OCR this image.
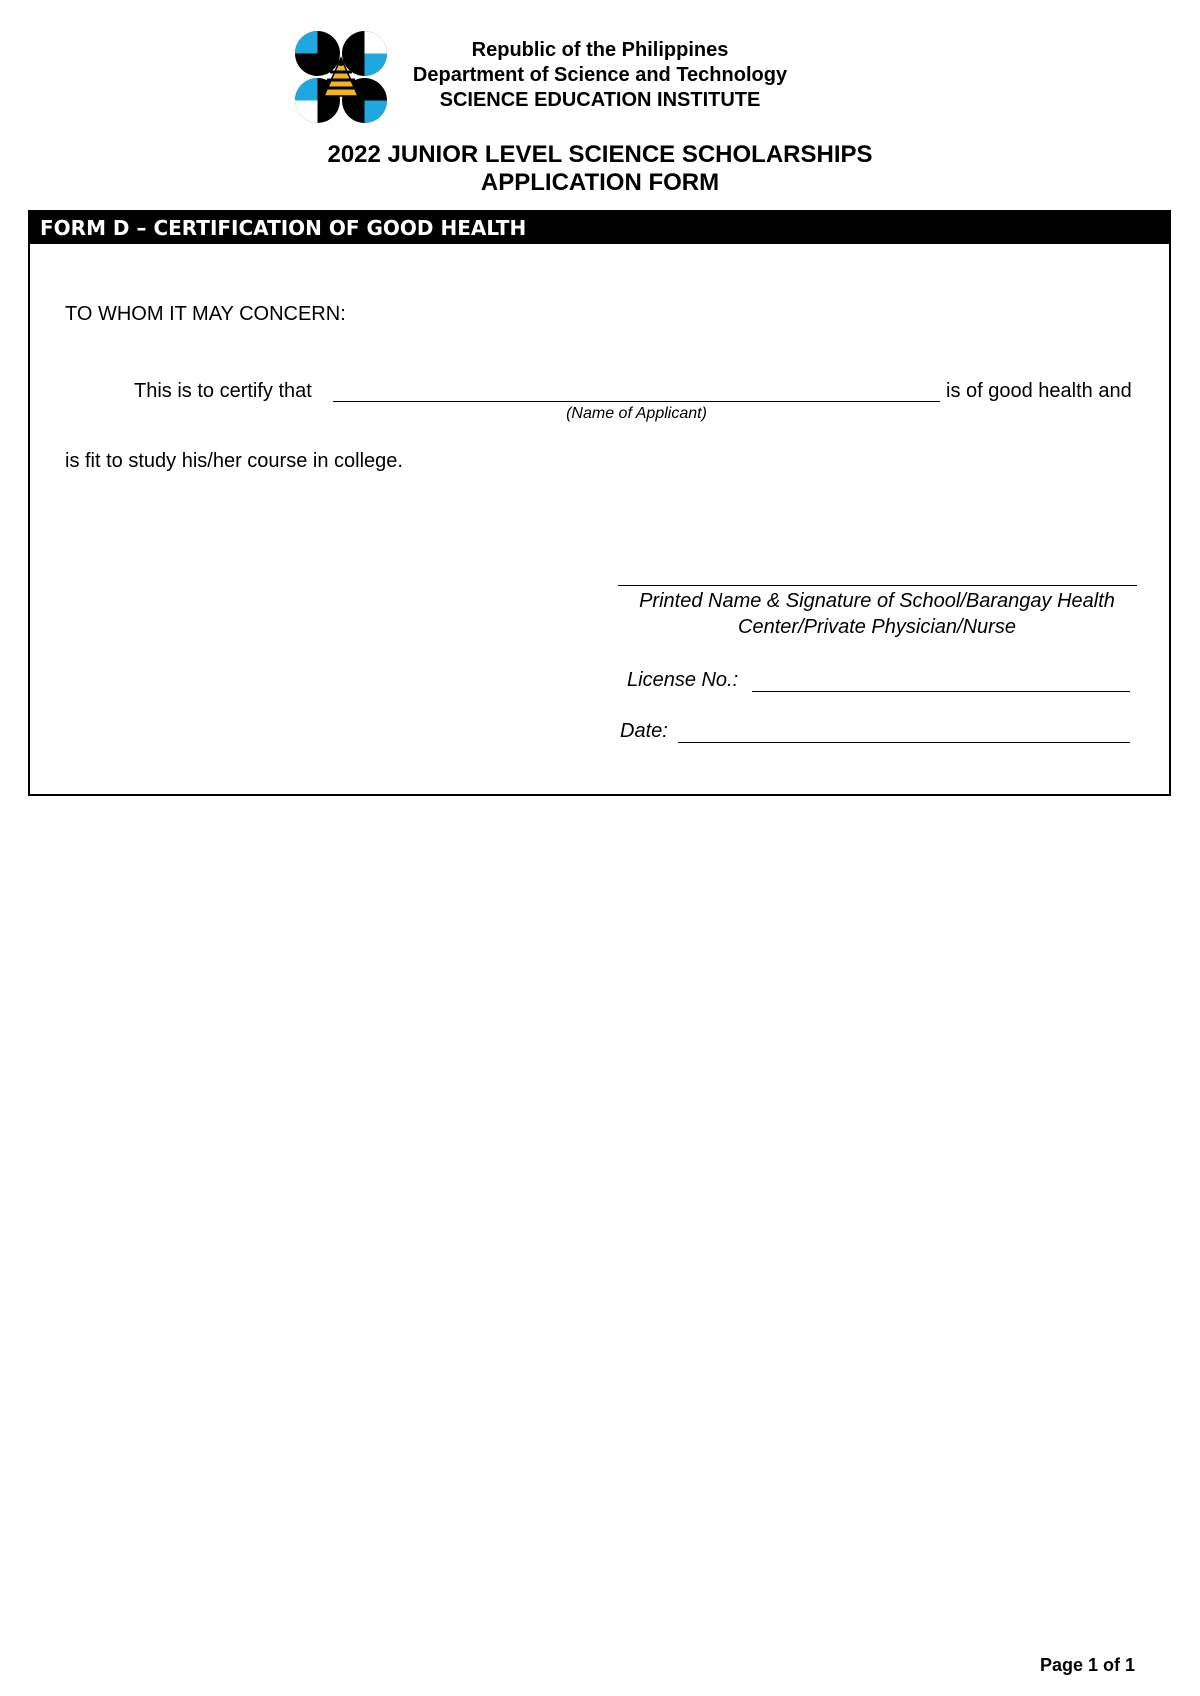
Republic of the Philippines
Department of Science and Technology
SCIENCE EDUCATION INSTITUTE
2022 JUNIOR LEVEL SCIENCE SCHOLARSHIPS
APPLICATION FORM
FORM D – CERTIFICATION OF GOOD HEALTH
TO WHOM IT MAY CONCERN:
This is to certify that	is of good health and
(Name of Applicant)
is fit to study his/her course in college.
Printed Name & Signature of School/Barangay Health Center/Private Physician/Nurse
License No.:
Date:
Page 1 of 1
